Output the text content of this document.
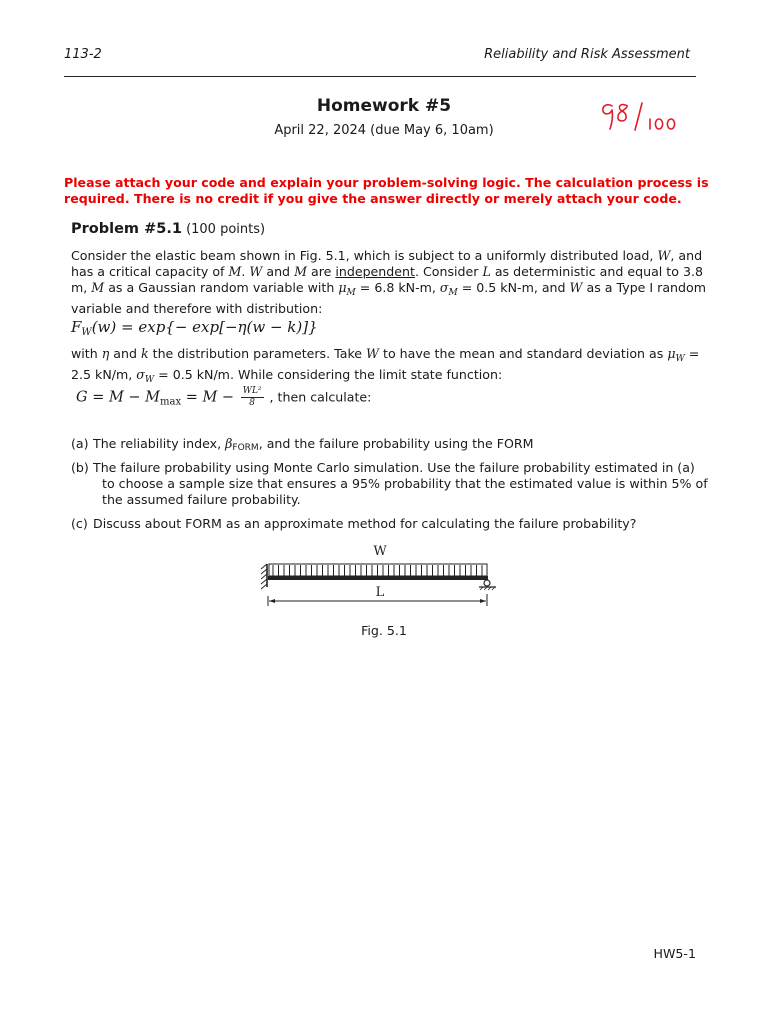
113-2	Reliability and Risk Assessment
Homework #5
April 22, 2024 (due May 6, 10am)
Please attach your code and explain your problem-solving logic. The calculation process is required. There is no credit if you give the answer directly or merely attach your code.
Problem #5.1 (100 points)
Consider the elastic beam shown in Fig. 5.1, which is subject to a uniformly distributed load, W, and has a critical capacity of M. W and M are independent. Consider L as deterministic and equal to 3.8 m, M as a Gaussian random variable with $\mu_M = 6.8$ kN-m, $\sigma_M = 0.5$ kN-m, and W as a Type I random variable and therefore with distribution:
$F_W(w) = \exp\{- \exp[-\eta(w - k)]\}$
with η and k the distribution parameters. Take W to have the mean and standard deviation as $\mu_W = 2.5$ kN/m, $\sigma_W = 0.5$ kN/m. While considering the limit state function:
$G = M - M_{max} = M - \frac{\text{WL²}}{8}$ , then calculate:
(a) The reliability index, βFORM, and the failure probability using the FORM
(b) The failure probability using Monte Carlo simulation. Use the failure probability estimated in (a) to choose a sample size that ensures a 95% probability that the estimated value is within 5% of the assumed failure probability.
(c) Discuss about FORM as an approximate method for calculating the failure probability?
W
L
Fig. 5.1
HW5-1
